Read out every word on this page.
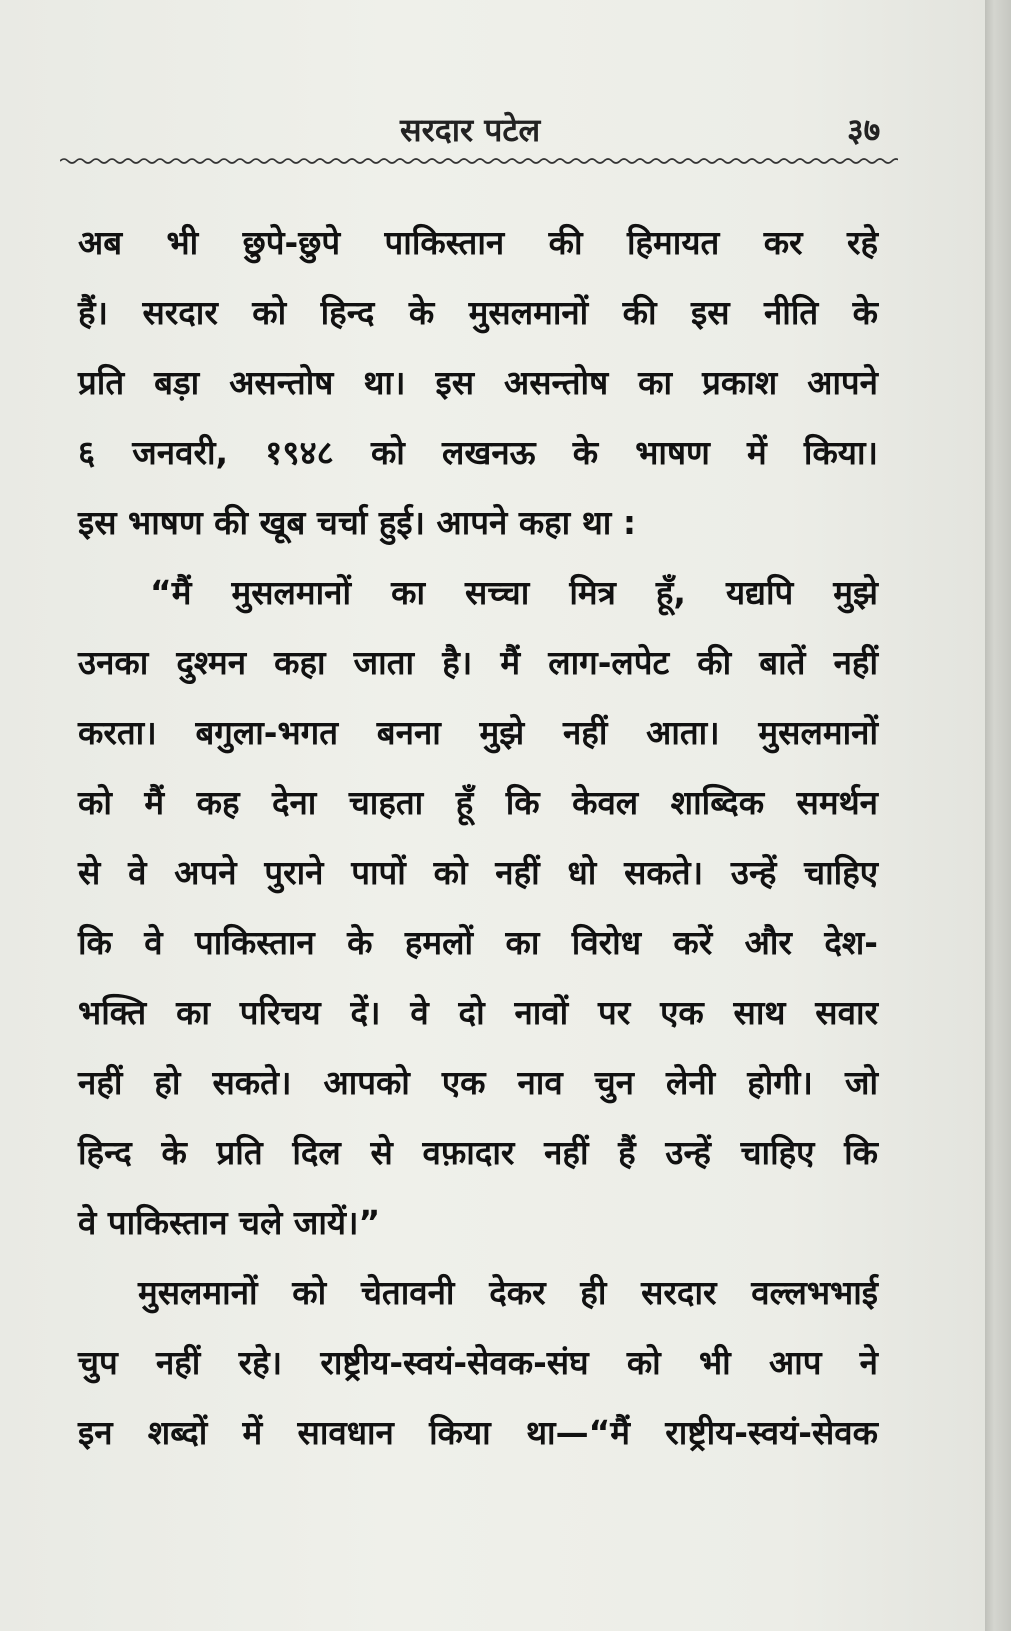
सरदार पटेल	३७
अब भी छुपे-छुपे पाकिस्तान की हिमायत कर रहे
हैं। सरदार को हिन्द के मुसलमानों की इस नीति के
प्रति बड़ा असन्तोष था। इस असन्तोष का प्रकाश आपने
६ जनवरी, १९४८ को लखनऊ के भाषण में किया।
इस भाषण की खूब चर्चा हुई। आपने कहा था :
“मैं मुसलमानों का सच्चा मित्र हूँ, यद्यपि मुझे
उनका दुश्मन कहा जाता है। मैं लाग-लपेट की बातें नहीं
करता। बगुला-भगत बनना मुझे नहीं आता। मुसलमानों
को मैं कह देना चाहता हूँ कि केवल शाब्दिक समर्थन
से वे अपने पुराने पापों को नहीं धो सकते। उन्हें चाहिए
कि वे पाकिस्तान के हमलों का विरोध करें और देश-
भक्ति का परिचय दें। वे दो नावों पर एक साथ सवार
नहीं हो सकते। आपको एक नाव चुन लेनी होगी। जो
हिन्द के प्रति दिल से वफ़ादार नहीं हैं उन्हें चाहिए कि
वे पाकिस्तान चले जायें।”
मुसलमानों को चेतावनी देकर ही सरदार वल्लभभाई
चुप नहीं रहे। राष्ट्रीय-स्वयं-सेवक-संघ को भी आप ने
इन शब्दों में सावधान किया था—“मैं राष्ट्रीय-स्वयं-सेवक
